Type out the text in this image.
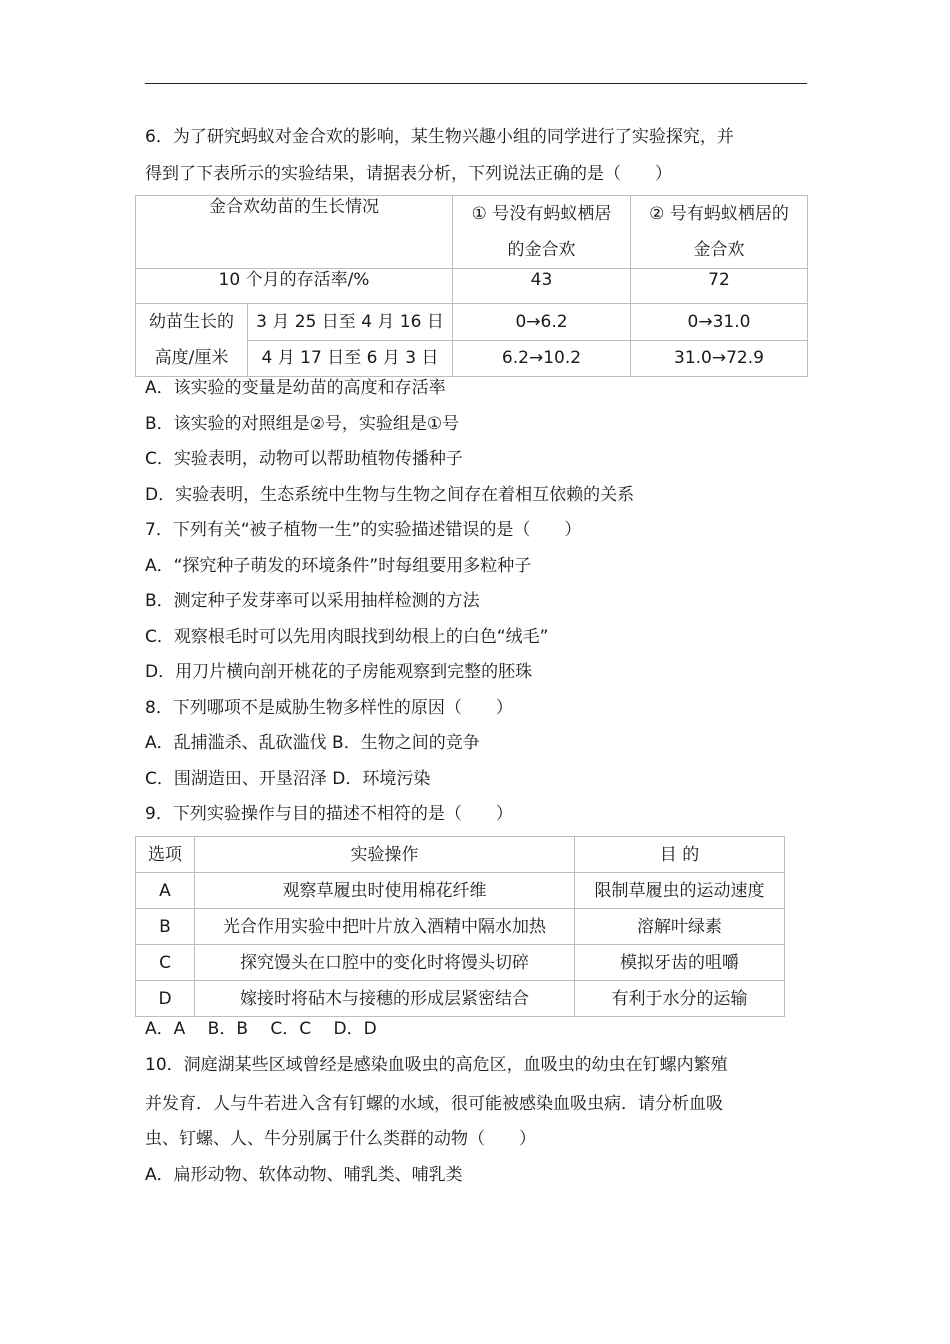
6．为了研究蚂蚁对金合欢的影响，某生物兴趣小组的同学进行了实验探究，并
得到了下表所示的实验结果，请据表分析，下列说法正确的是（　　）
金合欢幼苗的生长情况		① 号没有蚂蚁栖居
的金合欢	② 号有蚂蚁栖居的
金合欢
10 个月的存活率/%		43	72
幼苗生长的
高度/厘米	3 月 25 日至 4 月 16 日	0→6.2	0→31.0
	4 月 17 日至 6 月 3 日	6.2→10.2	31.0→72.9
A．该实验的变量是幼苗的高度和存活率
B．该实验的对照组是②号，实验组是①号
C．实验表明，动物可以帮助植物传播种子
D．实验表明，生态系统中生物与生物之间存在着相互依赖的关系
7．下列有关“被子植物一生”的实验描述错误的是（　　）
A．“探究种子萌发的环境条件”时每组要用多粒种子
B．测定种子发芽率可以采用抽样检测的方法
C．观察根毛时可以先用肉眼找到幼根上的白色“绒毛”
D．用刀片横向剖开桃花的子房能观察到完整的胚珠
8．下列哪项不是威胁生物多样性的原因（　　）
A．乱捕滥杀、乱砍滥伐 B．生物之间的竞争
C．围湖造田、开垦沼泽 D．环境污染
9．下列实验操作与目的描述不相符的是（　　）
选项	实验操作	目 的
A	观察草履虫时使用棉花纤维	限制草履虫的运动速度
B	光合作用实验中把叶片放入酒精中隔水加热	溶解叶绿素
C	探究馒头在口腔中的变化时将馒头切碎	模拟牙齿的咀嚼
D	嫁接时将砧木与接穗的形成层紧密结合	有利于水分的运输
A．A　 B．B　 C．C　 D．D
10．洞庭湖某些区域曾经是感染血吸虫的高危区，血吸虫的幼虫在钉螺内繁殖
并发育．人与牛若进入含有钉螺的水域，很可能被感染血吸虫病．请分析血吸
虫、钉螺、人、牛分别属于什么类群的动物（　　）
A．扁形动物、软体动物、哺乳类、哺乳类
